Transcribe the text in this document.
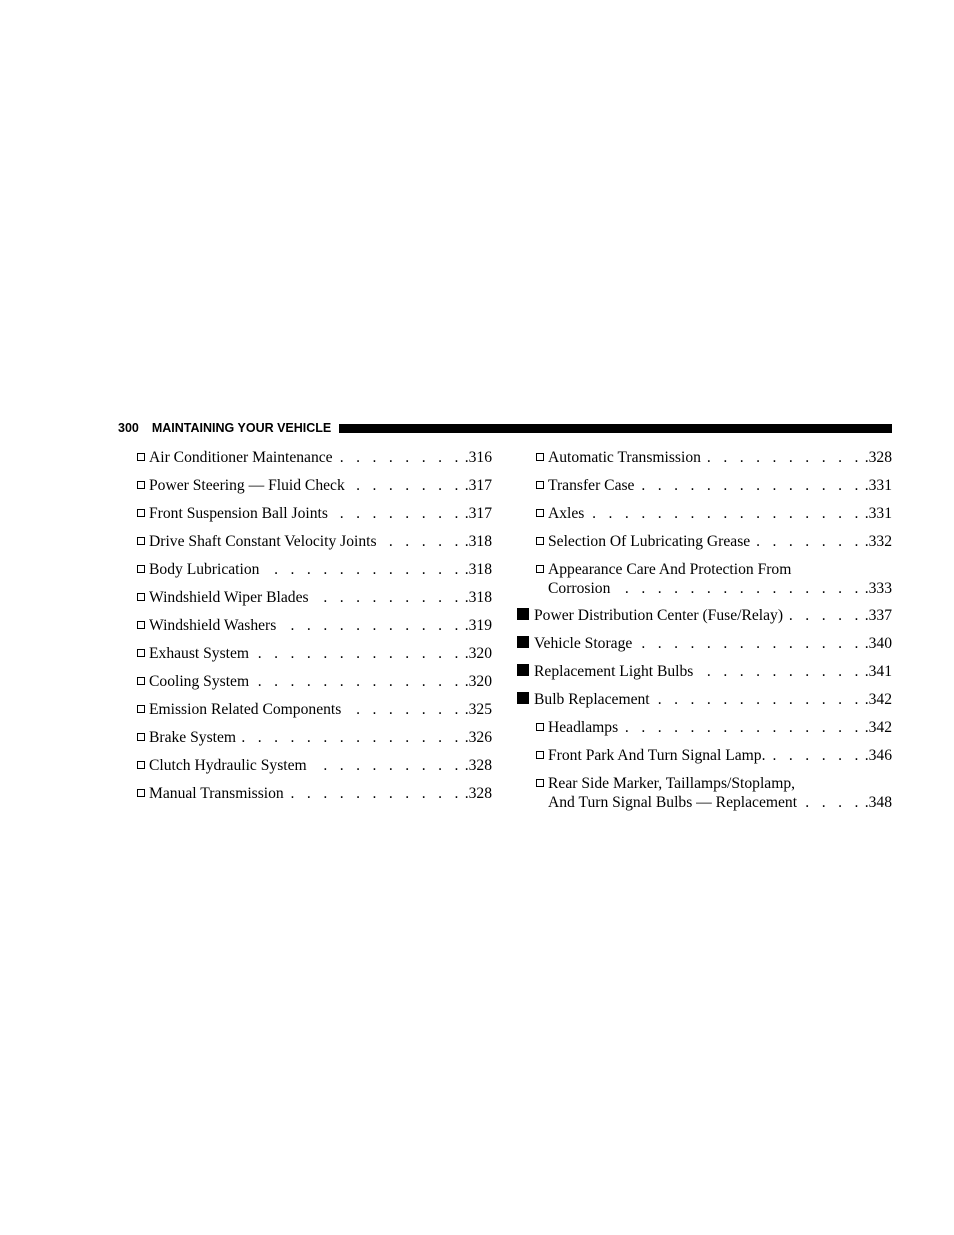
300 MAINTAINING YOUR VEHICLE
Air Conditioner Maintenance . . .	.316
Power Steering — Fluid Check . . .	.317
Front Suspension Ball Joints . . .	.317
Drive Shaft Constant Velocity Joints . . .	.318
Body Lubrication . . .	.318
Windshield Wiper Blades . . .	.318
Windshield Washers . . .	.319
Exhaust System . . .	.320
Cooling System . . .	.320
Emission Related Components . . .	.325
Brake System . . .	.326
Clutch Hydraulic System . . .	.328
Manual Transmission . . .	.328
Automatic Transmission . . .	.328
Transfer Case . . .	.331
Axles . . .	.331
Selection Of Lubricating Grease . . .	.332
Appearance Care And Protection From
Corrosion . . .	.333
Power Distribution Center (Fuse/Relay) . . .	.337
Vehicle Storage . . .	.340
Replacement Light Bulbs . . .	.341
Bulb Replacement . . .	.342
Headlamps . . .	.342
Front Park And Turn Signal Lamp. . . .	.346
Rear Side Marker, Taillamps/Stoplamp,
And Turn Signal Bulbs — Replacement . . .	.348
